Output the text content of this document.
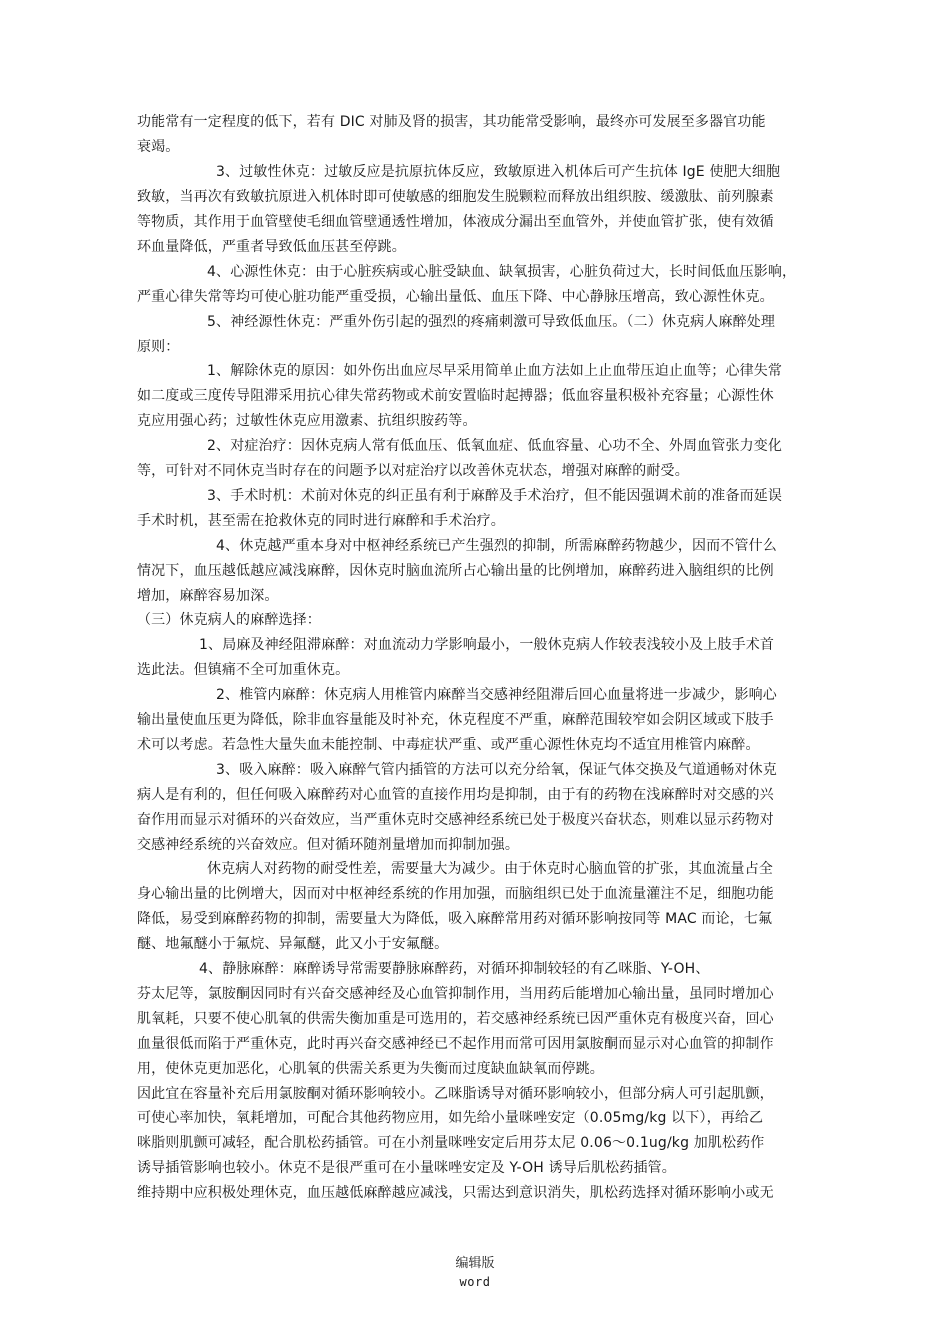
功能常有一定程度的低下，若有 DIC 对肺及肾的损害，其功能常受影响，最终亦可发展至多器官功能
衰竭。
3、过敏性休克：过敏反应是抗原抗体反应，致敏原进入机体后可产生抗体 IgE 使肥大细胞
致敏，当再次有致敏抗原进入机体时即可使敏感的细胞发生脱颗粒而释放出组织胺、缓激肽、前列腺素
等物质，其作用于血管壁使毛细血管壁通透性增加，体液成分漏出至血管外，并使血管扩张，使有效循
环血量降低，严重者导致低血压甚至停跳。
4、心源性休克：由于心脏疾病或心脏受缺血、缺氧损害，心脏负荷过大，长时间低血压影响，
严重心律失常等均可使心脏功能严重受损，心输出量低、血压下降、中心静脉压增高，致心源性休克。
5、神经源性休克：严重外伤引起的强烈的疼痛刺激可导致低血压。（二）休克病人麻醉处理
原则：
1、解除休克的原因：如外伤出血应尽早采用简单止血方法如上止血带压迫止血等；心律失常
如二度或三度传导阻滞采用抗心律失常药物或术前安置临时起搏器；低血容量积极补充容量；心源性休
克应用强心药；过敏性休克应用激素、抗组织胺药等。
2、对症治疗：因休克病人常有低血压、低氧血症、低血容量、心功不全、外周血管张力变化
等，可针对不同休克当时存在的问题予以对症治疗以改善休克状态，增强对麻醉的耐受。
3、手术时机：术前对休克的纠正虽有利于麻醉及手术治疗，但不能因强调术前的准备而延误
手术时机，甚至需在抢救休克的同时进行麻醉和手术治疗。
4、休克越严重本身对中枢神经系统已产生强烈的抑制，所需麻醉药物越少，因而不管什么
情况下，血压越低越应减浅麻醉，因休克时脑血流所占心输出量的比例增加，麻醉药进入脑组织的比例
增加，麻醉容易加深。
（三）休克病人的麻醉选择：
1、局麻及神经阻滞麻醉：对血流动力学影响最小，一般休克病人作较表浅较小及上肢手术首
选此法。但镇痛不全可加重休克。
2、椎管内麻醉：休克病人用椎管内麻醉当交感神经阻滞后回心血量将进一步减少，影响心
输出量使血压更为降低，除非血容量能及时补充，休克程度不严重，麻醉范围较窄如会阴区域或下肢手
术可以考虑。若急性大量失血未能控制、中毒症状严重、或严重心源性休克均不适宜用椎管内麻醉。
3、吸入麻醉：吸入麻醉气管内插管的方法可以充分给氧，保证气体交换及气道通畅对休克
病人是有利的，但任何吸入麻醉药对心血管的直接作用均是抑制，由于有的药物在浅麻醉时对交感的兴
奋作用而显示对循环的兴奋效应，当严重休克时交感神经系统已处于极度兴奋状态，则难以显示药物对
交感神经系统的兴奋效应。但对循环随剂量增加而抑制加强。
休克病人对药物的耐受性差，需要量大为减少。由于休克时心脑血管的扩张，其血流量占全
身心输出量的比例增大，因而对中枢神经系统的作用加强，而脑组织已处于血流量灌注不足，细胞功能
降低，易受到麻醉药物的抑制，需要量大为降低，吸入麻醉常用药对循环影响按同等 MAC 而论，七氟
醚、地氟醚小于氟烷、异氟醚，此又小于安氟醚。
4、静脉麻醉：麻醉诱导常需要静脉麻醉药，对循环抑制较轻的有乙咪脂、Y-OH、
芬太尼等，氯胺酮因同时有兴奋交感神经及心血管抑制作用，当用药后能增加心输出量，虽同时增加心
肌氧耗，只要不使心肌氧的供需失衡加重是可选用的，若交感神经系统已因严重休克有极度兴奋，回心
血量很低而陷于严重休克，此时再兴奋交感神经已不起作用而常可因用氯胺酮而显示对心血管的抑制作
用，使休克更加恶化，心肌氧的供需关系更为失衡而过度缺血缺氧而停跳。
因此宜在容量补充后用氯胺酮对循环影响较小。乙咪脂诱导对循环影响较小，但部分病人可引起肌颤，
可使心率加快，氧耗增加，可配合其他药物应用，如先给小量咪唑安定（0.05mg/kg 以下），再给乙
咪脂则肌颤可减轻，配合肌松药插管。可在小剂量咪唑安定后用芬太尼 0.06～0.1ug/kg 加肌松药作
诱导插管影响也较小。休克不是很严重可在小量咪唑安定及 Y-OH 诱导后肌松药插管。
维持期中应积极处理休克，血压越低麻醉越应减浅，只需达到意识消失，肌松药选择对循环影响小或无
编辑版
word
